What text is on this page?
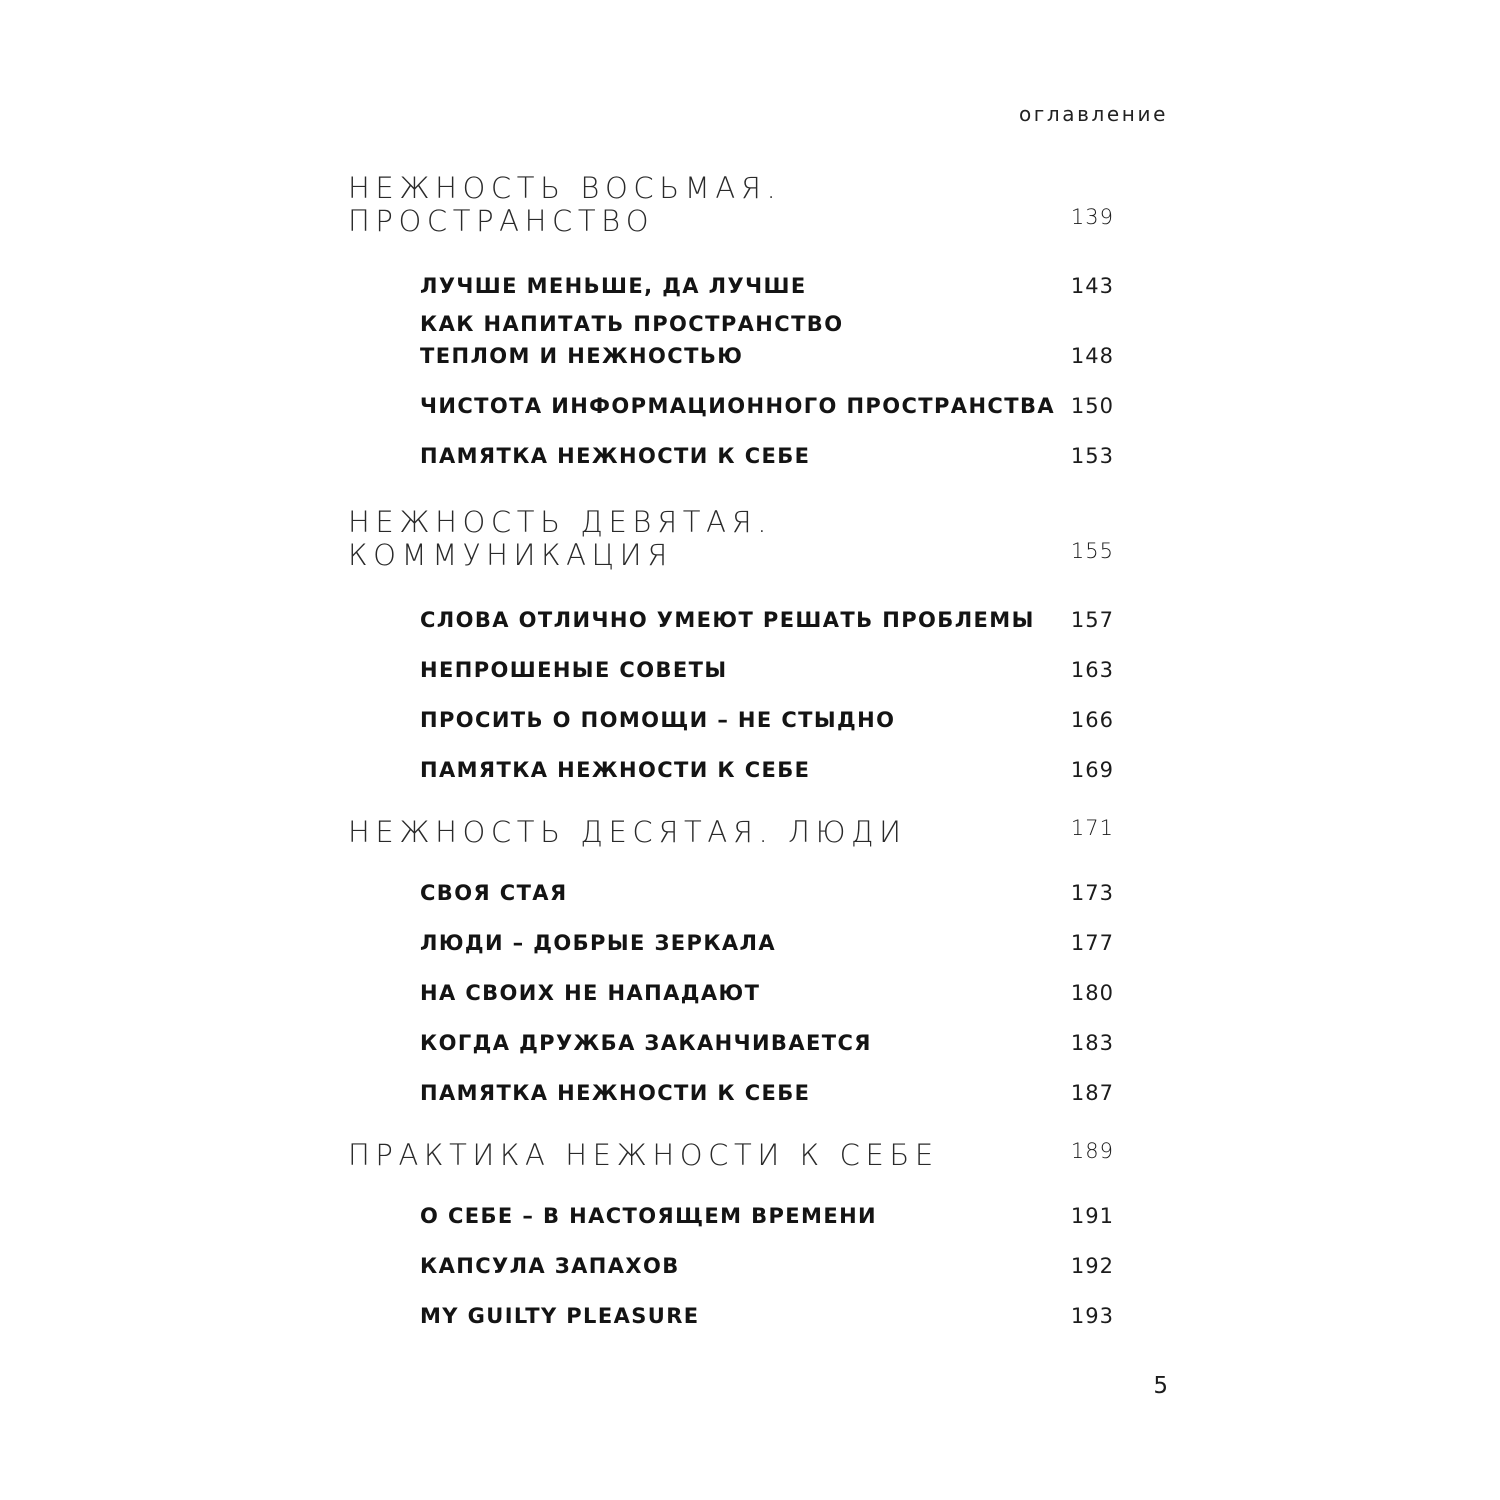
оглавление
НЕЖНОСТЬ ВОСЬМАЯ.
ПРОСТРАНСТВО	139
ЛУЧШЕ МЕНЬШЕ, ДА ЛУЧШЕ	143
КАК НАПИТАТЬ ПРОСТРАНСТВО
ТЕПЛОМ И НЕЖНОСТЬЮ	148
ЧИСТОТА ИНФОРМАЦИОННОГО ПРОСТРАНСТВА 150
ПАМЯТКА НЕЖНОСТИ К СЕБЕ	153
НЕЖНОСТЬ ДЕВЯТАЯ.
КОММУНИКАЦИЯ	155
СЛОВА ОТЛИЧНО УМЕЮТ РЕШАТЬ ПРОБЛЕМЫ 157
НЕПРОШЕНЫЕ СОВЕТЫ	163
ПРОСИТЬ О ПОМОЩИ – НЕ СТЫДНО	166
ПАМЯТКА НЕЖНОСТИ К СЕБЕ	169
НЕЖНОСТЬ ДЕСЯТАЯ. ЛЮДИ	171
СВОЯ СТАЯ	173
ЛЮДИ – ДОБРЫЕ ЗЕРКАЛА	177
НА СВОИХ НЕ НАПАДАЮТ	180
КОГДА ДРУЖБА ЗАКАНЧИВАЕТСЯ	183
ПАМЯТКА НЕЖНОСТИ К СЕБЕ	187
ПРАКТИКА НЕЖНОСТИ К СЕБЕ	189
О СЕБЕ – В НАСТОЯЩЕМ ВРЕМЕНИ	191
КАПСУЛА ЗАПАХОВ	192
MY GUILTY PLEASURE	193
5
